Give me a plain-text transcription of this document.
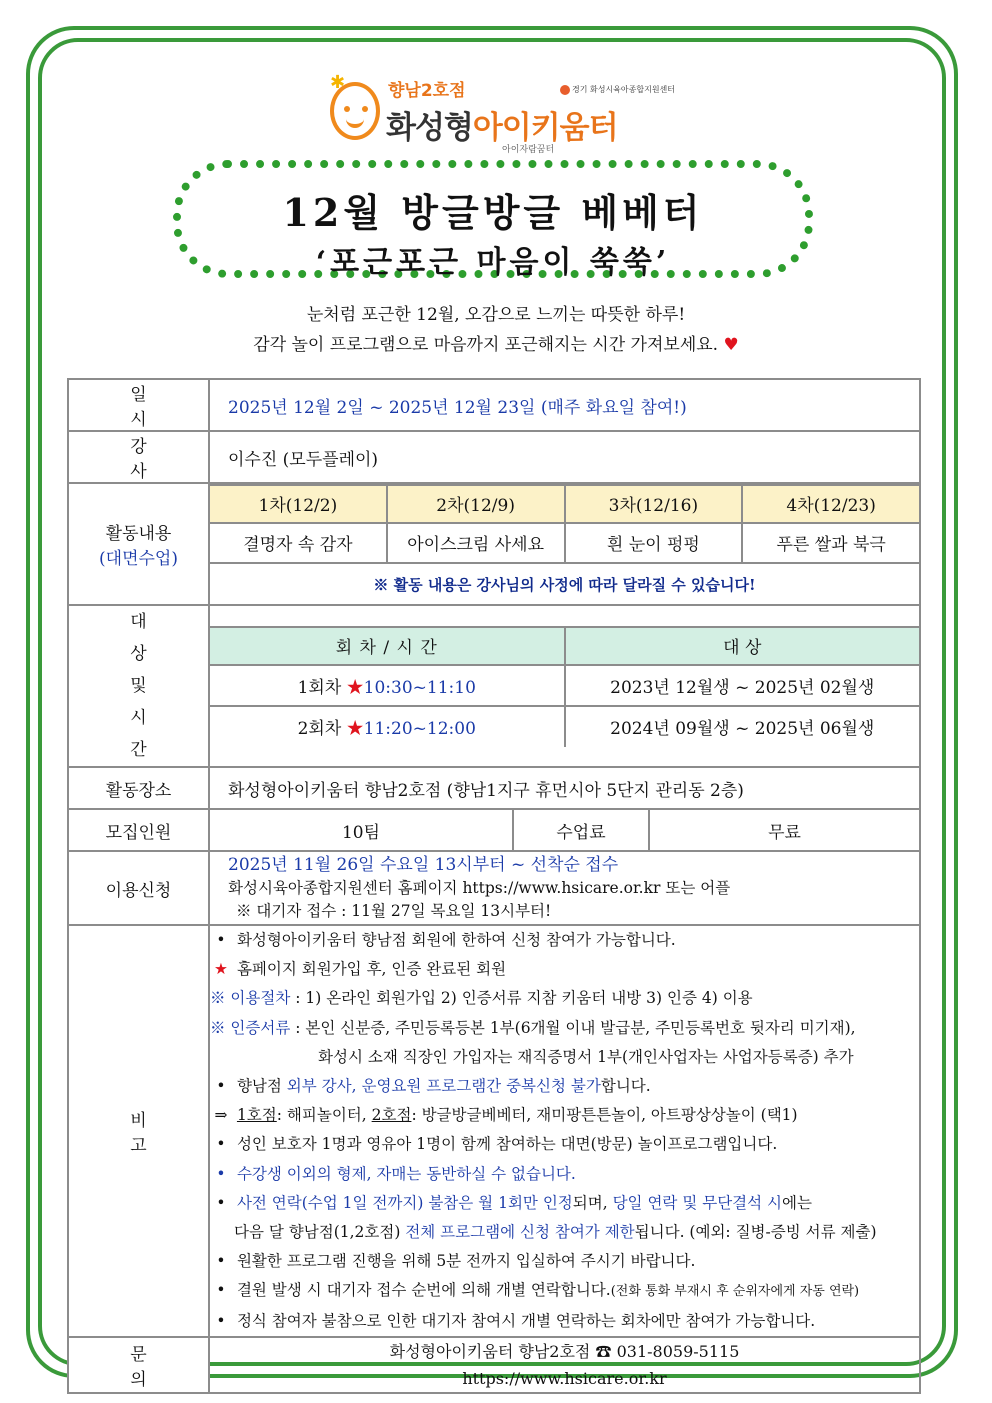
✱	향남2호점
화성형아이키움터
아이자람꿈터
경기 화성시육아종합지원센터
12월 방글방글 베베터
‘포근포근 마음이 쑥쑥’
눈처럼 포근한 12월, 오감으로 느끼는 따뜻한 하루!
감각 놀이 프로그램으로 마음까지 포근해지는 시간 가져보세요. ♥
일시	2025년 12월 2일 ~ 2025년 12월 23일 (매주 화요일 참여!)
강사	이수진 (모두플레이)

활동내용
(대면수업)

1차(12/2)	2차(12/9)	3차(12/16)	4차(12/23)
결명자 속 감자	아이스크림 사세요	흰 눈이 펑펑	푸른 쌀과 북극
※ 활동 내용은 강사님의 사정에 따라 달라질 수 있습니다!

대상
및
시간

회 차 / 시 간	대 상
1회차 ★10:30~11:10	2023년 12월생 ~ 2025년 02월생
2회차 ★11:20~12:00	2024년 09월생 ~ 2025년 06월생

활동장소	화성형아이키움터 향남2호점 (향남1지구 휴먼시아 5단지 관리동 2층)
모집인원		10팀	수업료	무료

이용신청	
2025년 11월 26일 수요일 13시부터 ~ 선착순 접수
화성시육아종합지원센터 홈페이지 https://www.hsicare.or.kr 또는 어플
※ 대기자 접수 : 11월 27일 목요일 13시부터!

비고	
• 화성형아이키움터 향남점 회원에 한하여 신청 참여가 가능합니다.
★ 홈페이지 회원가입 후, 인증 완료된 회원
※ 이용절차 : 1) 온라인 회원가입 2) 인증서류 지참 키움터 내방 3) 인증 4) 이용
※ 인증서류 : 본인 신분증, 주민등록등본 1부(6개월 이내 발급분, 주민등록번호 뒷자리 미기재),
화성시 소재 직장인 가입자는 재직증명서 1부(개인사업자는 사업자등록증) 추가
• 향남점 외부 강사, 운영요원 프로그램간 중복신청 불가합니다.
⇒ 1호점: 해피놀이터, 2호점: 방글방글베베터, 재미팡튼튼놀이, 아트팡상상놀이 (택1)
• 성인 보호자 1명과 영유아 1명이 함께 참여하는 대면(방문) 놀이프로그램입니다.
• 수강생 이외의 형제, 자매는 동반하실 수 없습니다.
• 사전 연락(수업 1일 전까지) 불참은 월 1회만 인정되며, 당일 연락 및 무단결석 시에는
다음 달 향남점(1,2호점) 전체 프로그램에 신청 참여가 제한됩니다. (예외: 질병-증빙 서류 제출)
• 원활한 프로그램 진행을 위해 5분 전까지 입실하여 주시기 바랍니다.
• 결원 발생 시 대기자 접수 순번에 의해 개별 연락합니다.(전화 통화 부재시 후 순위자에게 자동 연락)
• 정식 참여자 불참으로 인한 대기자 참여시 개별 연락하는 회차에만 참여가 가능합니다.

문의	
화성형아이키움터 향남2호점 ☎ 031-8059-5115
https://www.hsicare.or.kr
